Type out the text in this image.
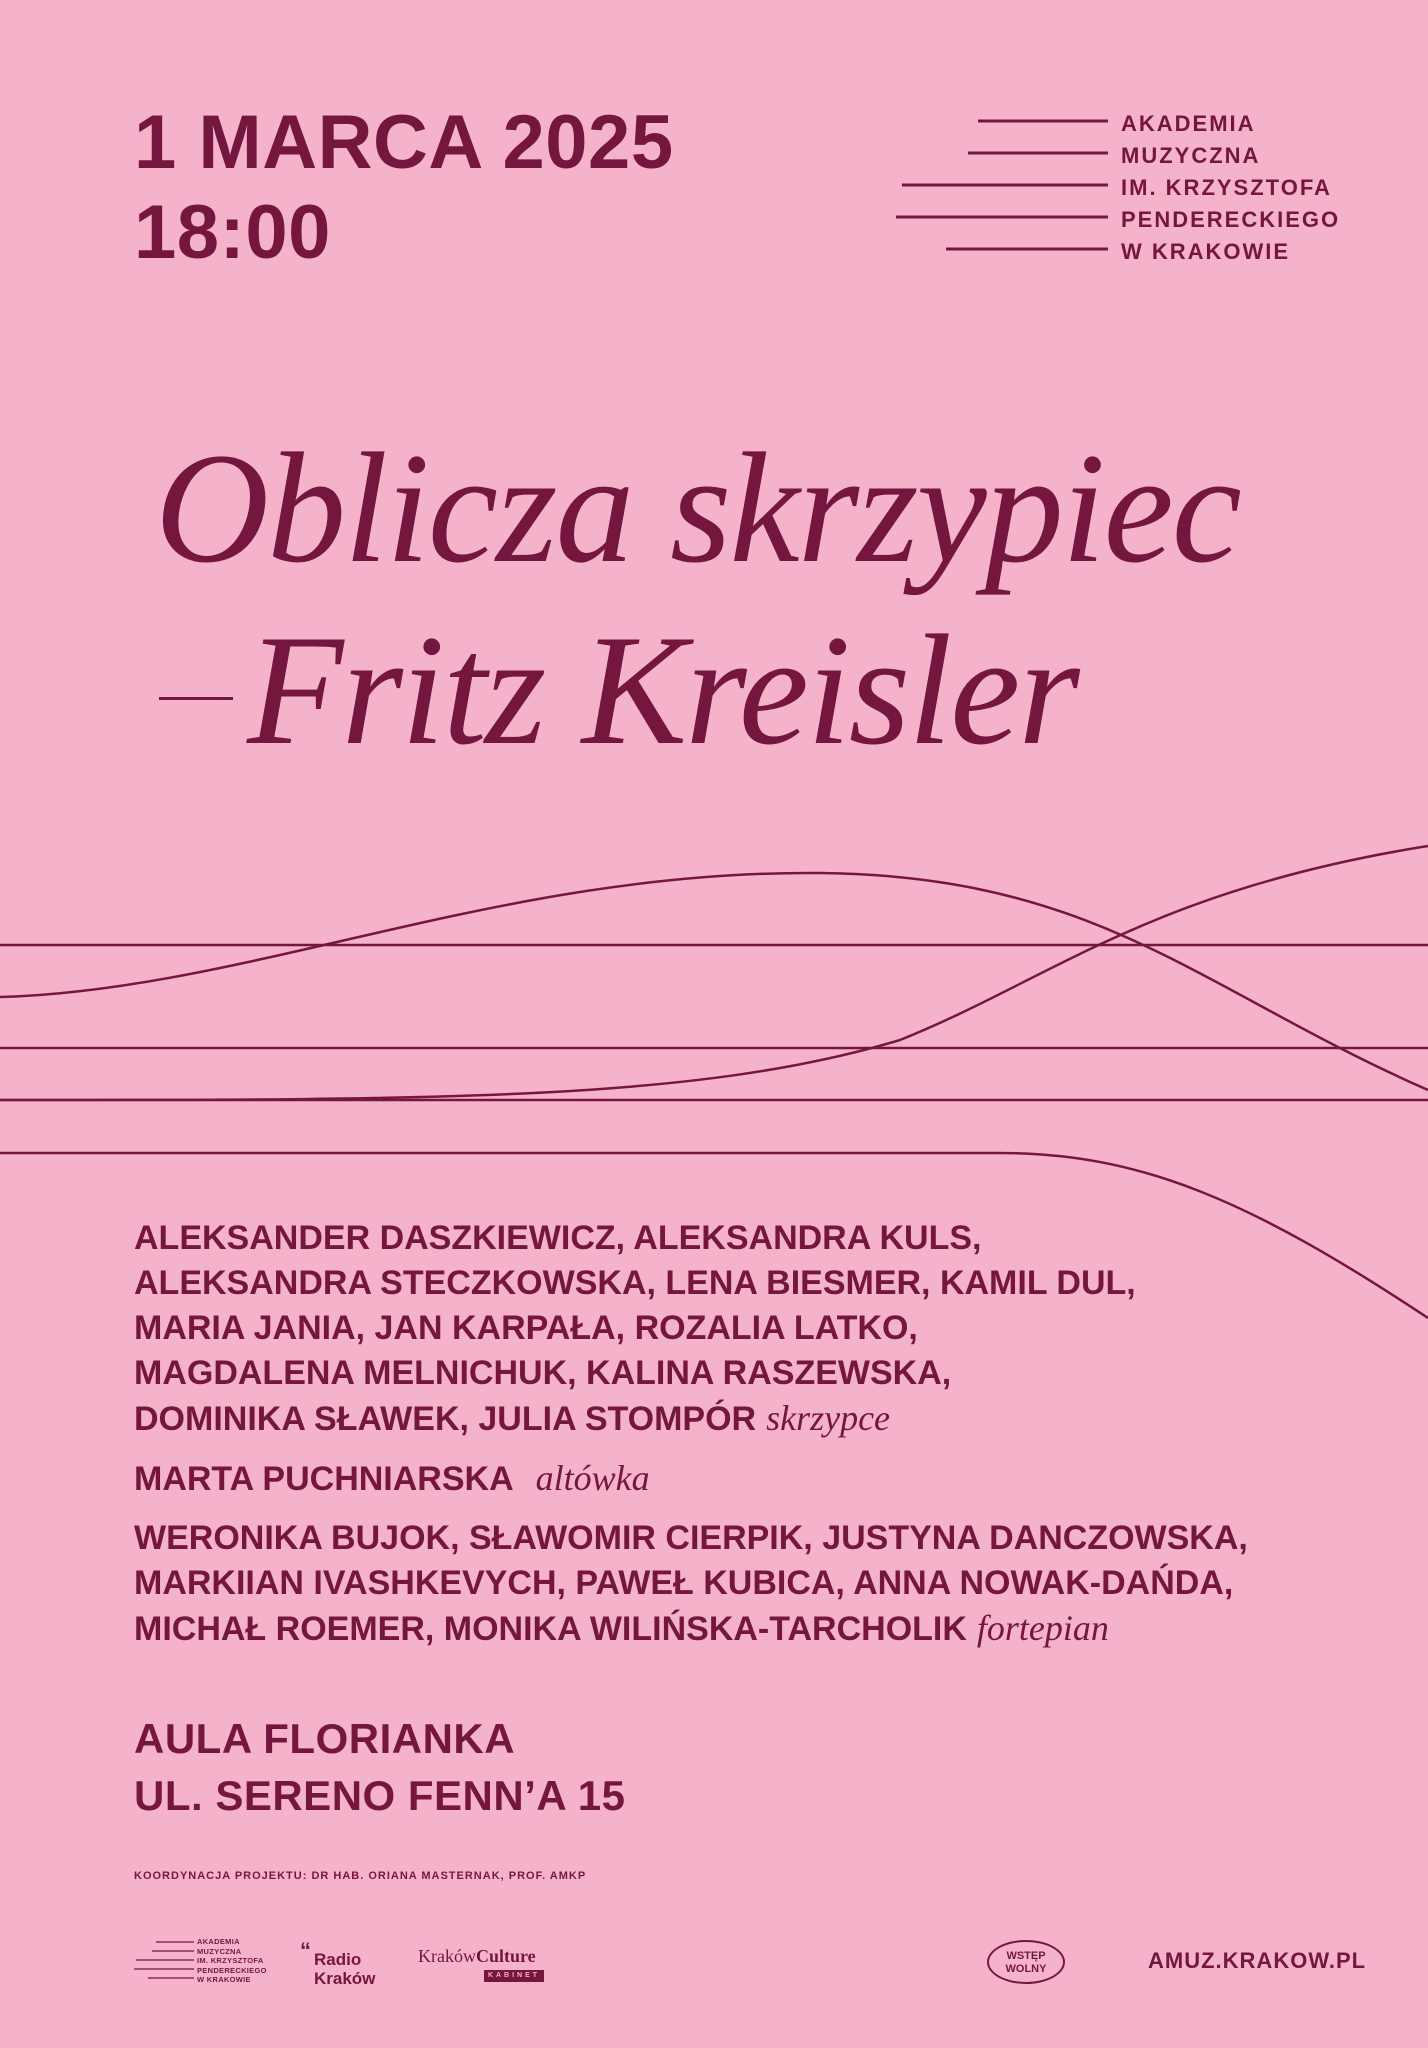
1 MARCA 2025
18:00
AKADEMIA
MUZYCZNA
IM. KRZYSZTOFA
PENDERECKIEGO
W KRAKOWIE
Oblicza skrzypiec
Fritz Kreisler
ALEKSANDER DASZKIEWICZ, ALEKSANDRA KULS,
ALEKSANDRA STECZKOWSKA, LENA BIESMER, KAMIL DUL,
MARIA JANIA, JAN KARPAŁA, ROZALIA LATKO,
MAGDALENA MELNICHUK, KALINA RASZEWSKA,
DOMINIKA SŁAWEK, JULIA STOMPÓR skrzypce
MARTA PUCHNIARSKA altówka
WERONIKA BUJOK, SŁAWOMIR CIERPIK, JUSTYNA DANCZOWSKA,
MARKIIAN IVASHKEVYCH, PAWEŁ KUBICA, ANNA NOWAK-DAŃDA,
MICHAŁ ROEMER, MONIKA WILIŃSKA-TARCHOLIK fortepian
AULA FLORIANKA
UL. SERENO FENN’A 15
KOORDYNACJA PROJEKTU: DR HAB. ORIANA MASTERNAK, PROF. AMKP
AKADEMIA
MUZYCZNA
IM. KRZYSZTOFA
PENDERECKIEGO
W KRAKOWIE
“ Radio
Kraków
KrakówCulture
KABINET
WSTĘP
WOLNY	AMUZ.KRAKOW.PL
